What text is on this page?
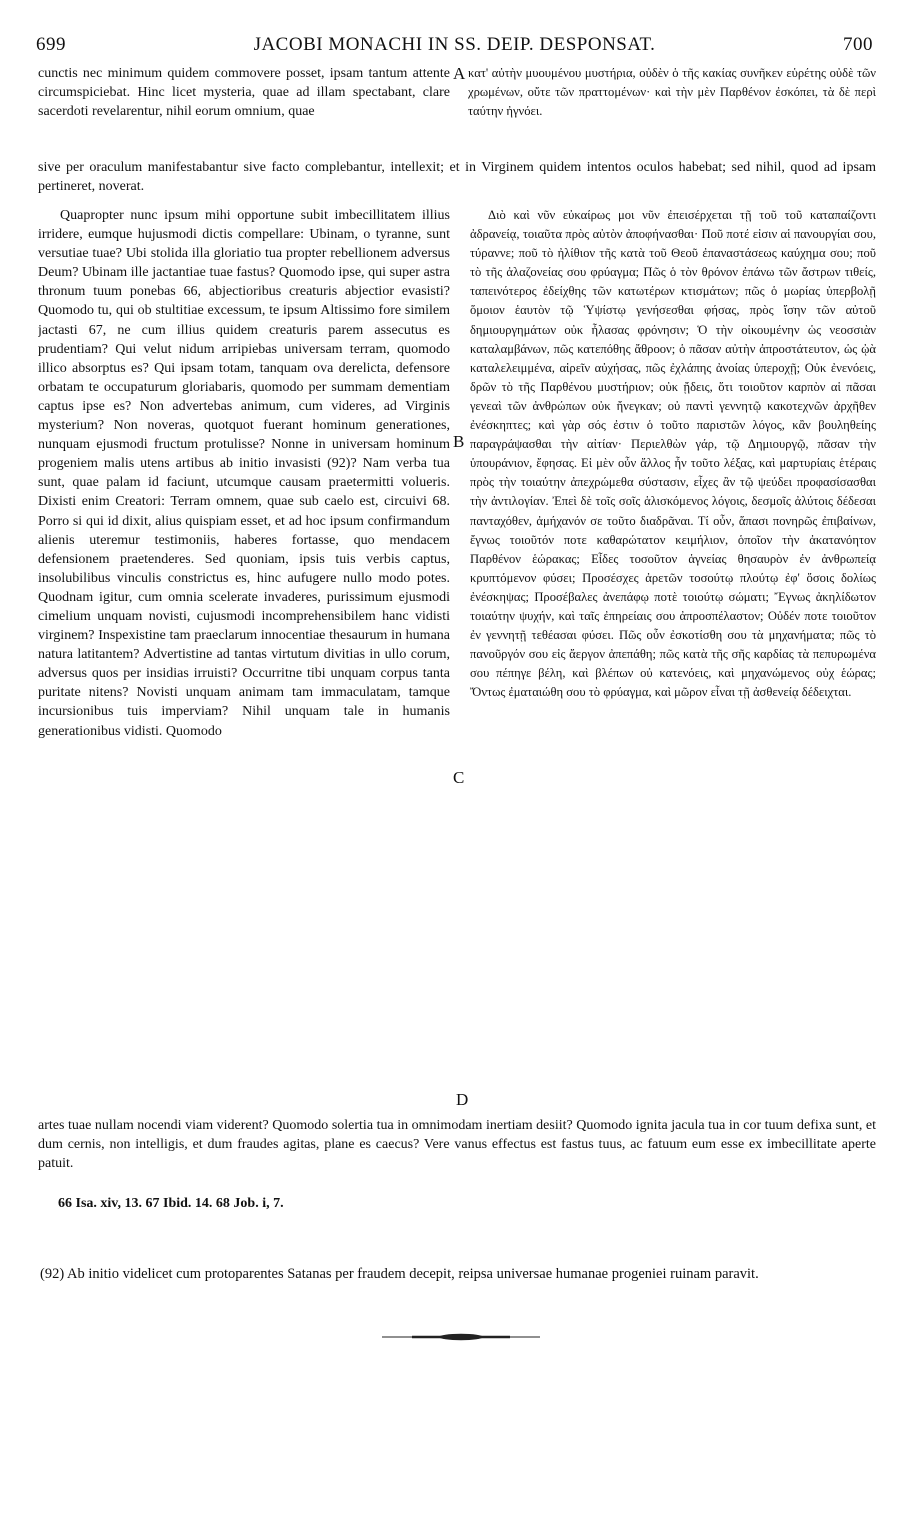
699	JACOBI MONACHI IN SS. DEIP. DESPONSAT.	700

cunctis nec minimum quidem commovere posset, ipsam tantum attente circumspiciebat. Hinc licet mysteria, quae ad illam spectabant, clare sacerdoti revelarentur, nihil eorum omnium, quae

κατ' αὐτὴν μυουμένου μυστήρια, οὐδὲν ὁ τῆς κακίας συνῆκεν εὑρέτης οὐδὲ τῶν χρωμένων, οὔτε τῶν πραττομένων· καὶ τὴν μὲν Παρθένον ἐσκόπει, τὰ δὲ περὶ ταύτην ἠγνόει.

sive per oraculum manifestabantur sive facto complebantur, intellexit; et in Virginem quidem intentos oculos habebat; sed nihil, quod ad ipsam pertineret, noverat.

Quapropter nunc ipsum mihi opportune subit imbecillitatem illius irridere, eumque hujusmodi dictis compellare: Ubinam, o tyranne, sunt versutiae tuae? Ubi stolida illa gloriatio tua propter rebellionem adversus Deum? Ubinam ille jactantiae tuae fastus? Quomodo ipse, qui super astra thronum tuum ponebas 66, abjectioribus creaturis abjectior evasisti? Quomodo tu, qui ob stultitiae excessum, te ipsum Altissimo fore similem jactasti 67, ne cum illius quidem creaturis parem assecutus es prudentiam? Qui velut nidum arripiebas universam terram, quomodo illico absorptus es? Qui ipsam totam, tanquam ova derelicta, defensore orbatam te occupaturum gloriabaris, quomodo per summam dementiam captus ipse es? Non advertebas animum, cum videres, ad Virginis mysterium? Non noveras, quotquot fuerant hominum generationes, nunquam ejusmodi fructum protulisse? Nonne in universam hominum progeniem malis utens artibus ab initio invasisti (92)? Nam verba tua sunt, quae palam id faciunt, utcumque causam praetermitti volueris. Dixisti enim Creatori: Terram omnem, quae sub caelo est, circuivi 68. Porro si qui id dixit, alius quispiam esset, et ad hoc ipsum confirmandum alienis uteremur testimoniis, haberes fortasse, quo mendacem defensionem praetenderes. Sed quoniam, ipsis tuis verbis captus, insolubilibus vinculis constrictus es, hinc aufugere nullo modo potes. Quodnam igitur, cum omnia scelerate invaderes, purissimum ejusmodi cimelium unquam novisti, cujusmodi incomprehensibilem hanc vidisti virginem? Inspexistine tam praeclarum innocentiae thesaurum in humana natura latitantem? Advertistine ad tantas virtutum divitias in ullo corum, adversus quos per insidias irruisti? Occurritne tibi unquam corpus tanta puritate nitens? Novisti unquam animam tam immaculatam, tamque incursionibus tuis imperviam? Nihil unquam tale in humanis generationibus vidisti. Quomodo

Διὸ καὶ νῦν εὐκαίρως μοι νῦν ἐπεισέρχεται τῇ τοῦ τοῦ καταπαίζοντι ἀδρανείᾳ, τοιαῦτα πρὸς αὐτὸν ἀποφήνασθαι· Ποῦ ποτέ εἰσιν αἱ πανουργίαι σου, τύραννε; ποῦ τὸ ἠλίθιον τῆς κατὰ τοῦ Θεοῦ ἐπαναστάσεως καύχημα σου; ποῦ τὸ τῆς ἀλαζονείας σου φρύαγμα; Πῶς ὁ τὸν θρόνον ἐπάνω τῶν ἄστρων τιθείς, ταπεινότερος ἐδείχθης τῶν κατωτέρων κτισμάτων; πῶς ὁ μωρίας ὑπερβολῇ ὅμοιον ἑαυτὸν τῷ Ὑψίστῳ γενήσεσθαι φήσας, πρὸς ἴσην τῶν αὐτοῦ δημιουργημάτων οὐκ ἦλασας φρόνησιν; Ὁ τὴν οἰκουμένην ὡς νεοσσιὰν καταλαμβάνων, πῶς κατεπόθης ἄθροον; ὁ πᾶσαν αὐτὴν ἀπροστάτευτον, ὡς ᾠὰ καταλελειμμένα, αἱρεῖν αὐχήσας, πῶς ἐχλάπης ἀνοίας ὑπεροχῇ; Οὐκ ἐνενόεις, δρῶν τὸ τῆς Παρθένου μυστήριον; οὐκ ᾔδεις, ὅτι τοιοῦτον καρπὸν αἱ πᾶσαι γενεαὶ τῶν ἀνθρώπων οὐκ ἤνεγκαν; οὐ παντὶ γεννητῷ κακοτεχνῶν ἀρχῆθεν ἐνέσκηπτες; καὶ γὰρ σός ἐστιν ὁ τοῦτο παριστῶν λόγος, κἂν βουληθείης παραγράψασθαι τὴν αἰτίαν· Περιελθὼν γάρ, τῷ Δημιουργῷ, πᾶσαν τὴν ὑπουράνιον, ἔφησας. Εἰ μὲν οὖν ἄλλος ἦν τοῦτο λέξας, καὶ μαρτυρίαις ἑτέραις πρὸς τὴν τοιαύτην ἀπεχρώμεθα σύστασιν, εἶχες ἂν τῷ ψεύδει προφασίσασθαι τὴν ἀντιλογίαν. Ἐπεὶ δὲ τοῖς σοῖς ἁλισκόμενος λόγοις, δεσμοῖς ἀλύτοις δέδεσαι πανταχόθεν, ἀμήχανόν σε τοῦτο διαδρᾶναι. Τί οὖν, ἅπασι πονηρῶς ἐπιβαίνων, ἔγνως τοιοῦτόν ποτε καθαρώτατον κειμήλιον, ὁποῖον τὴν ἀκατανόητον Παρθένον ἑώρακας; Εἶδες τοσοῦτον ἁγνείας θησαυρὸν ἐν ἀνθρωπείᾳ κρυπτόμενον φύσει; Προσέσχες ἀρετῶν τοσούτῳ πλούτῳ ἐφ' ὅσοις δολίως ἐνέσκηψας; Προσέβαλες ἀνεπάφῳ ποτὲ τοιούτῳ σώματι; Ἔγνως ἀκηλίδωτον τοιαύτην ψυχήν, καὶ ταῖς ἐπηρείαις σου ἀπροσπέλαστον; Οὐδέν ποτε τοιοῦτον ἐν γεννητῇ τεθέασαι φύσει. Πῶς οὖν ἐσκοτίσθη σου τὰ μηχανήματα; πῶς τὸ πανοῦργόν σου εἰς ἄεργον ἀπεπάθη; πῶς κατὰ τῆς σῆς καρδίας τὰ πεπυρωμένα σου πέπηγε βέλη, καὶ βλέπων οὐ κατενόεις, καὶ μηχανώμενος οὐχ ἑώρας; Ὄντως ἐματαιώθη σου τὸ φρύαγμα, καὶ μῶρον εἶναι τῇ ἀσθενείᾳ δέδειχται.

A
B
C
D

artes tuae nullam nocendi viam viderent? Quomodo solertia tua in omnimodam inertiam desiit? Quomodo ignita jacula tua in cor tuum defixa sunt, et dum cernis, non intelligis, et dum fraudes agitas, plane es caecus? Vere vanus effectus est fastus tuus, ac fatuum eum esse ex imbecillitate aperte patuit.

66 Isa. xiv, 13. 67 Ibid. 14. 68 Job. i, 7.
(92) Ab initio videlicet cum protoparentes Satanas per fraudem decepit, reipsa universae humanae progeniei ruinam paravit.
